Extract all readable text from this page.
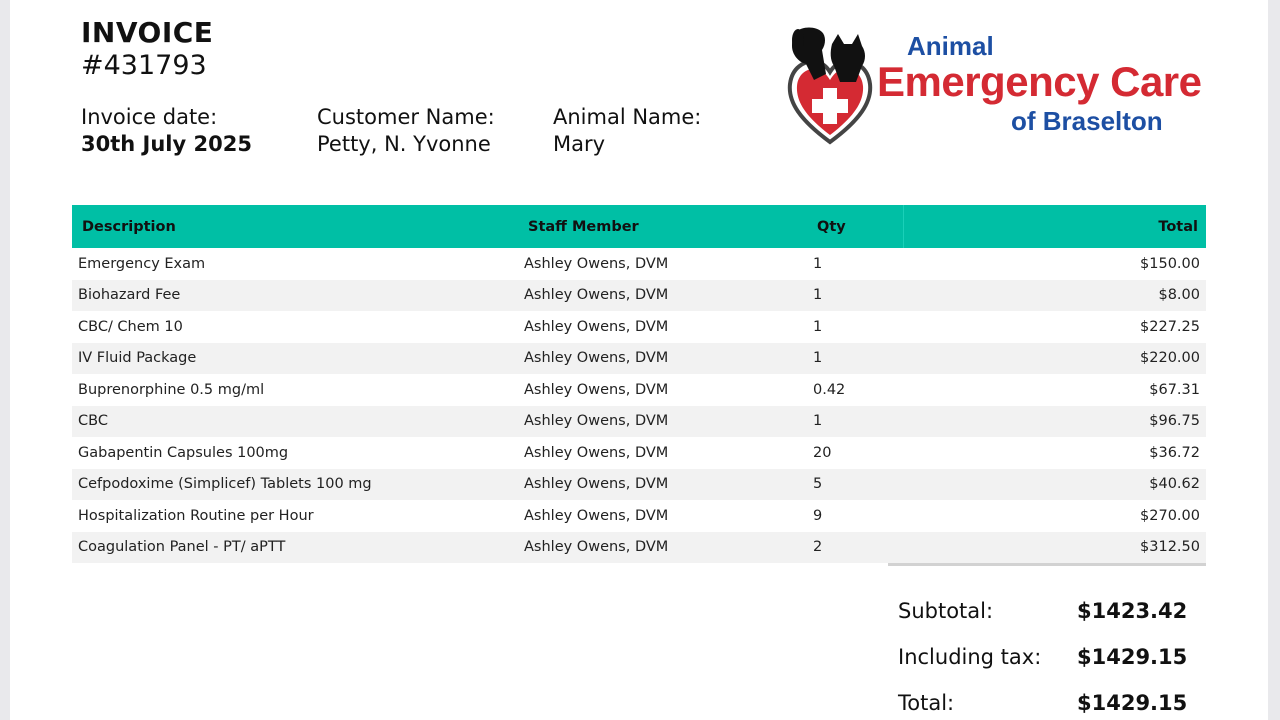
INVOICE
#431793
Invoice date:
30th July 2025
Customer Name:
Petty, N. Yvonne
Animal Name:
Mary
Animal
Emergency Care
of Braselton
Description	Staff Member	Qty	Total
Emergency Exam	Ashley Owens, DVM	1	$150.00
Biohazard Fee	Ashley Owens, DVM	1	$8.00
CBC/ Chem 10	Ashley Owens, DVM	1	$227.25
IV Fluid Package	Ashley Owens, DVM	1	$220.00
Buprenorphine 0.5 mg/ml	Ashley Owens, DVM	0.42	$67.31
CBC	Ashley Owens, DVM	1	$96.75
Gabapentin Capsules 100mg	Ashley Owens, DVM	20	$36.72
Cefpodoxime (Simplicef) Tablets 100 mg	Ashley Owens, DVM	5	$40.62
Hospitalization Routine per Hour	Ashley Owens, DVM	9	$270.00
Coagulation Panel - PT/ aPTT	Ashley Owens, DVM	2	$312.50
Subtotal:	$1423.42
Including tax: $1429.15
Total:	$1429.15
